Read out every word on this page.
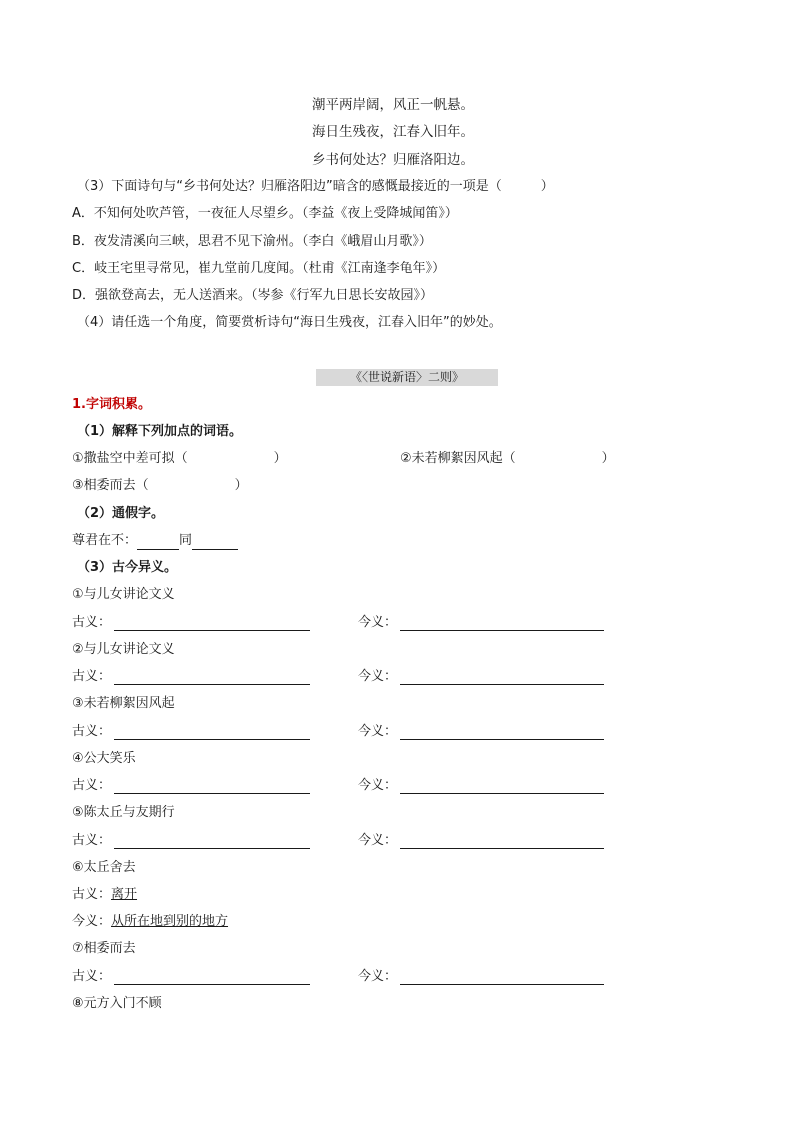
潮平两岸阔，风正一帆悬。
海日生残夜，江春入旧年。
乡书何处达？归雁洛阳边。
（3）下面诗句与“乡书何处达？归雁洛阳边”暗含的感慨最接近的一项是（　　　）
A．不知何处吹芦管，一夜征人尽望乡。（李益《夜上受降城闻笛》）
B．夜发清溪向三峡，思君不见下渝州。（李白《峨眉山月歌》）
C．岐王宅里寻常见，崔九堂前几度闻。（杜甫《江南逢李龟年》）
D．强欲登高去，无人送酒来。（岑参《行军九日思长安故园》）
（4）请任选一个角度，简要赏析诗句“海日生残夜，江春入旧年”的妙处。
《〈世说新语〉二则》
1.字词积累。
（1）解释下列加点的词语。
①撒盐空中差可拟（	）	②未若柳絮因风起（	）
③相委而去（	）
（2）通假字。
尊君在不：	同
（3）古今异义。
①与儿女讲论文义
古义：	今义：
②与儿女讲论文义
古义：	今义：
③未若柳絮因风起
古义：	今义：
④公大笑乐
古义：	今义：
⑤陈太丘与友期行
古义：	今义：
⑥太丘舍去
古义：离开
今义：从所在地到别的地方
⑦相委而去
古义：	今义：
⑧元方入门不顾
